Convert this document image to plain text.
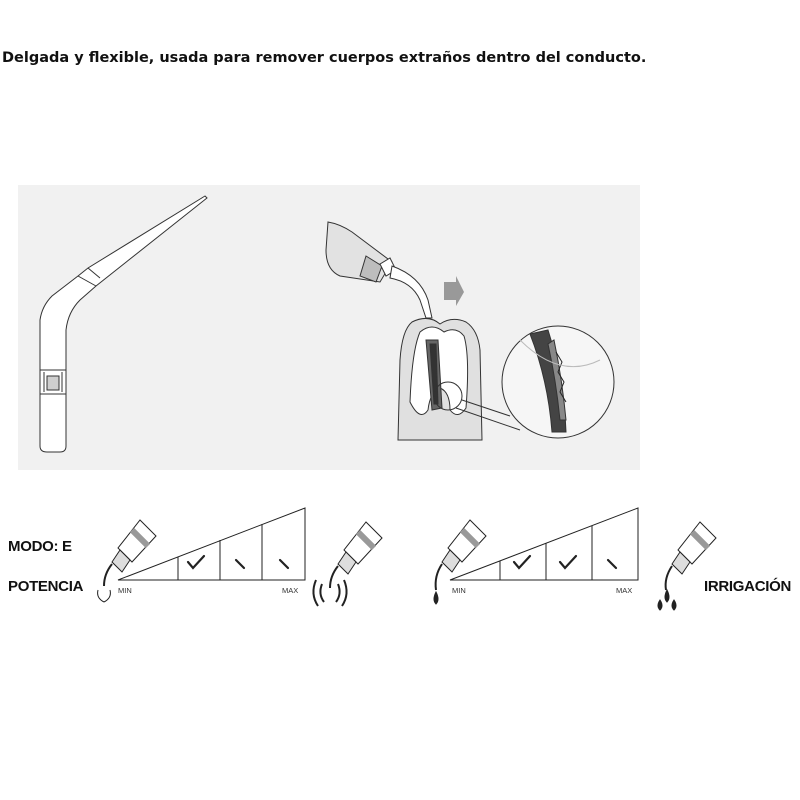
Delgada y flexible, usada para remover cuerpos extraños dentro del conducto.
MODO: E
POTENCIA	IRRIGACIÓN
MIN	MAX	MIN	MAX
